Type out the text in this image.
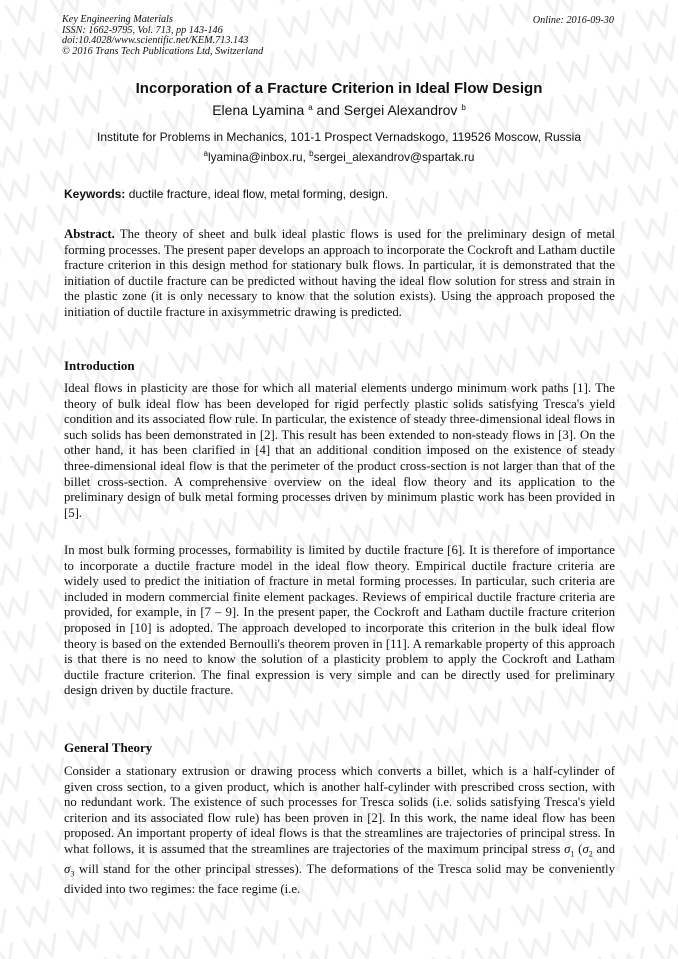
Key Engineering Materials
ISSN: 1662-9795, Vol. 713, pp 143-146
doi:10.4028/www.scientific.net/KEM.713.143
© 2016 Trans Tech Publications Ltd, Switzerland
Online: 2016-09-30
Incorporation of a Fracture Criterion in Ideal Flow Design
Elena Lyamina $^a$ and Sergei Alexandrov $^b$
Institute for Problems in Mechanics, 101-1 Prospect Vernadskogo, 119526 Moscow, Russia
$^a$lyamina@inbox.ru, $^b$sergei_alexandrov@spartak.ru
Keywords: ductile fracture, ideal flow, metal forming, design.
Abstract. The theory of sheet and bulk ideal plastic flows is used for the preliminary design of metal forming processes. The present paper develops an approach to incorporate the Cockroft and Latham ductile fracture criterion in this design method for stationary bulk flows. In particular, it is demonstrated that the initiation of ductile fracture can be predicted without having the ideal flow solution for stress and strain in the plastic zone (it is only necessary to know that the solution exists). Using the approach proposed the initiation of ductile fracture in axisymmetric drawing is predicted.
Introduction
Ideal flows in plasticity are those for which all material elements undergo minimum work paths [1]. The theory of bulk ideal flow has been developed for rigid perfectly plastic solids satisfying Tresca's yield condition and its associated flow rule. In particular, the existence of steady three-dimensional ideal flows in such solids has been demonstrated in [2]. This result has been extended to non-steady flows in [3]. On the other hand, it has been clarified in [4] that an additional condition imposed on the existence of steady three-dimensional ideal flow is that the perimeter of the product cross-section is not larger than that of the billet cross-section. A comprehensive overview on the ideal flow theory and its application to the preliminary design of bulk metal forming processes driven by minimum plastic work has been provided in [5].
In most bulk forming processes, formability is limited by ductile fracture [6]. It is therefore of importance to incorporate a ductile fracture model in the ideal flow theory. Empirical ductile fracture criteria are widely used to predict the initiation of fracture in metal forming processes. In particular, such criteria are included in modern commercial finite element packages. Reviews of empirical ductile fracture criteria are provided, for example, in [7 – 9]. In the present paper, the Cockroft and Latham ductile fracture criterion proposed in [10] is adopted. The approach developed to incorporate this criterion in the bulk ideal flow theory is based on the extended Bernoulli's theorem proven in [11]. A remarkable property of this approach is that there is no need to know the solution of a plasticity problem to apply the Cockroft and Latham ductile fracture criterion. The final expression is very simple and can be directly used for preliminary design driven by ductile fracture.
General Theory
Consider a stationary extrusion or drawing process which converts a billet, which is a half-cylinder of given cross section, to a given product, which is another half-cylinder with prescribed cross section, with no redundant work. The existence of such processes for Tresca solids (i.e. solids satisfying Tresca's yield criterion and its associated flow rule) has been proven in [2]. In this work, the name ideal flow has been proposed. An important property of ideal flows is that the streamlines are trajectories of principal stress. In what follows, it is assumed that the streamlines are trajectories of the maximum principal stress $\sigma_1$ ($\sigma_2$ and $\sigma_3$ will stand for the other principal stresses). The deformations of the Tresca solid may be conveniently divided into two regimes: the face regime (i.e.
